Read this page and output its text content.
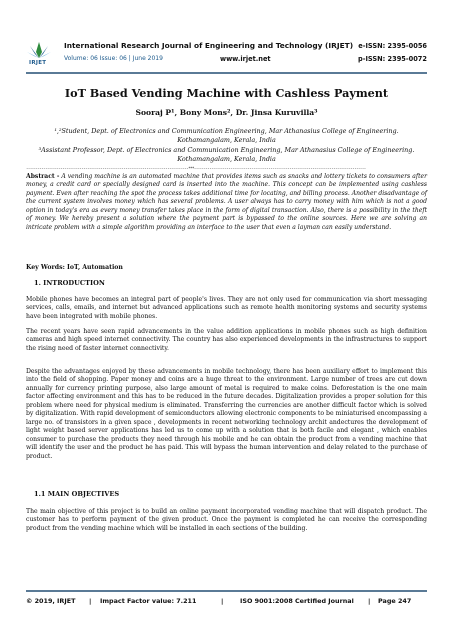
IRJET
International Research Journal of Engineering and Technology (IRJET) e-ISSN: 2395-0056
Volume: 06 Issue: 06 | June 2019	www.irjet.net	p-ISSN: 2395-0072
IoT Based Vending Machine with Cashless Payment
Sooraj P¹, Bony Mons², Dr. Jinsa Kuruvilla³
¹,²Student, Dept. of Electronics and Communication Engineering, Mar Athanasius College of Engineering.
Kothamangalam, Kerala, India
³Assistant Professor, Dept. of Electronics and Communication Engineering, Mar Athanasius College of Engineering.
Kothamangalam, Kerala, India
-------------------------------------------------------------------------------------***------------------------------------------------------------------------------------------
Abstract - A vending machine is an automated machine that provides items such as snacks and lottery tickets to consumers after money, a credit card or specially designed card is inserted into the machine. This concept can be implemented using cashless payment. Even after reaching the spot the process takes additional time for locating, and billing process. Another disadvantage of the current system involves money which has several problems. A user always has to carry money with him which is not a good option in today's era as every money transfer takes place in the form of digital transaction. Also, there is a possibility in the theft of money. We hereby present a solution where the payment part is bypassed to the online sources. Here we are solving an intricate problem with a simple algorithm providing an interface to the user that even a layman can easily understand.
Key Words: IoT, Automation
1. INTRODUCTION
Mobile phones have becomes an integral part of people's lives. They are not only used for communication via short messaging services, calls, emails, and internet but advanced applications such as remote health monitoring systems and security systems have been integrated with mobile phones.
The recent years have seen rapid advancements in the value addition applications in mobile phones such as high definition cameras and high speed internet connectivity. The country has also experienced developments in the infrastructures to support the rising need of faster internet connectivity.
Despite the advantages enjoyed by these advancements in mobile technology, there has been auxiliary effort to implement this into the field of shopping. Paper money and coins are a huge threat to the environment. Large number of trees are cut down annually for currency printing purpose, also large amount of metal is required to make coins. Deforestation is the one main factor affecting environment and this has to be reduced in the future decades. Digitalization provides a proper solution for this problem where need for physical medium is eliminated. Transferring the currencies are another difficult factor which is solved by digitalization. With rapid development of semiconductors allowing electronic components to be miniaturised encompassing a large no. of transistors in a given space , developments in recent networking technology archit andectures the development of light weight based server applications has led us to come up with a solution that is both facile and elegant , which enables consumer to purchase the products they need through his mobile and he can obtain the product from a vending machine that will identify the user and the product he has paid. This will bypass the human intervention and delay related to the purchase of product.
1.1 MAIN OBJECTIVES
The main objective of this project is to build an online payment incorporated vending machine that will dispatch product. The customer has to perform payment of the given product. Once the payment is completed he can receive the corresponding product from the vending machine which will be installed in each sections of the building.
© 2019, IRJET | Impact Factor value: 7.211	|	ISO 9001:2008 Certified Journal | Page 247
